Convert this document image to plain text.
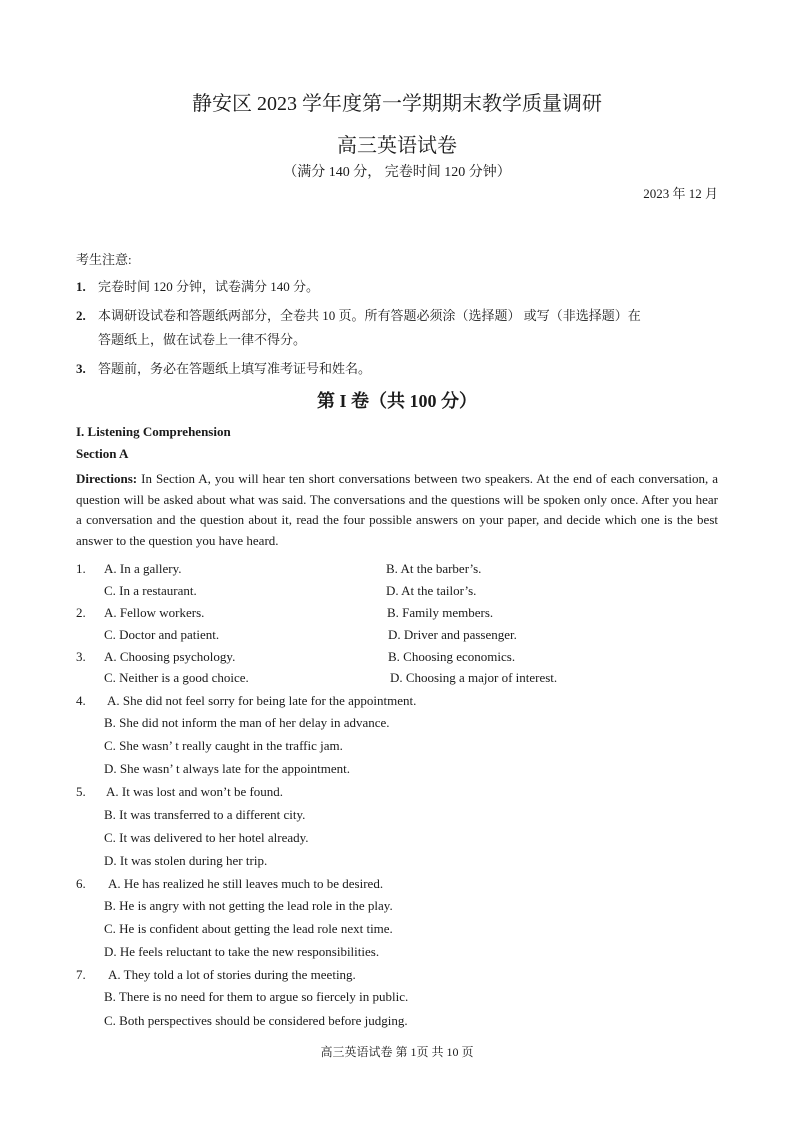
静安区 2023 学年度第一学期期末教学质量调研
高三英语试卷
（满分 140 分， 完卷时间 120 分钟）
2023 年 12 月
考生注意:
1. 完卷时间 120 分钟，试卷满分 140 分。
2. 本调研设试卷和答题纸两部分，全卷共 10 页。所有答题必须涂（选择题） 或写（非选择题）在
答题纸上，做在试卷上一律不得分。
3. 答题前，务必在答题纸上填写准考证号和姓名。
第 I 卷（共 100 分）
I. Listening Comprehension
Section A
Directions: In Section A, you will hear ten short conversations between two speakers. At the end of each conversation, a question will be asked about what was said. The conversations and the questions will be spoken only once. After you hear a conversation and the question about it, read the four possible answers on your paper, and decide which one is the best answer to the question you have heard.
1. A. In a gallery.	B. At the barber’s.
C. In a restaurant.	D. At the tailor’s.
2. A. Fellow workers.	B. Family members.
C. Doctor and patient.	D. Driver and passenger.
3. A. Choosing psychology.	B. Choosing economics.
C. Neither is a good choice.	D. Choosing a major of interest.
4. A. She did not feel sorry for being late for the appointment.
B. She did not inform the man of her delay in advance.
C. She wasn’ t really caught in the traffic jam.
D. She wasn’ t always late for the appointment.
5. A. It was lost and won’t be found.
B. It was transferred to a different city.
C. It was delivered to her hotel already.
D. It was stolen during her trip.
6. A. He has realized he still leaves much to be desired.
B. He is angry with not getting the lead role in the play.
C. He is confident about getting the lead role next time.
D. He feels reluctant to take the new responsibilities.
7. A. They told a lot of stories during the meeting.
B. There is no need for them to argue so fiercely in public.
C. Both perspectives should be considered before judging.
高三英语试卷 第 1页 共 10 页
